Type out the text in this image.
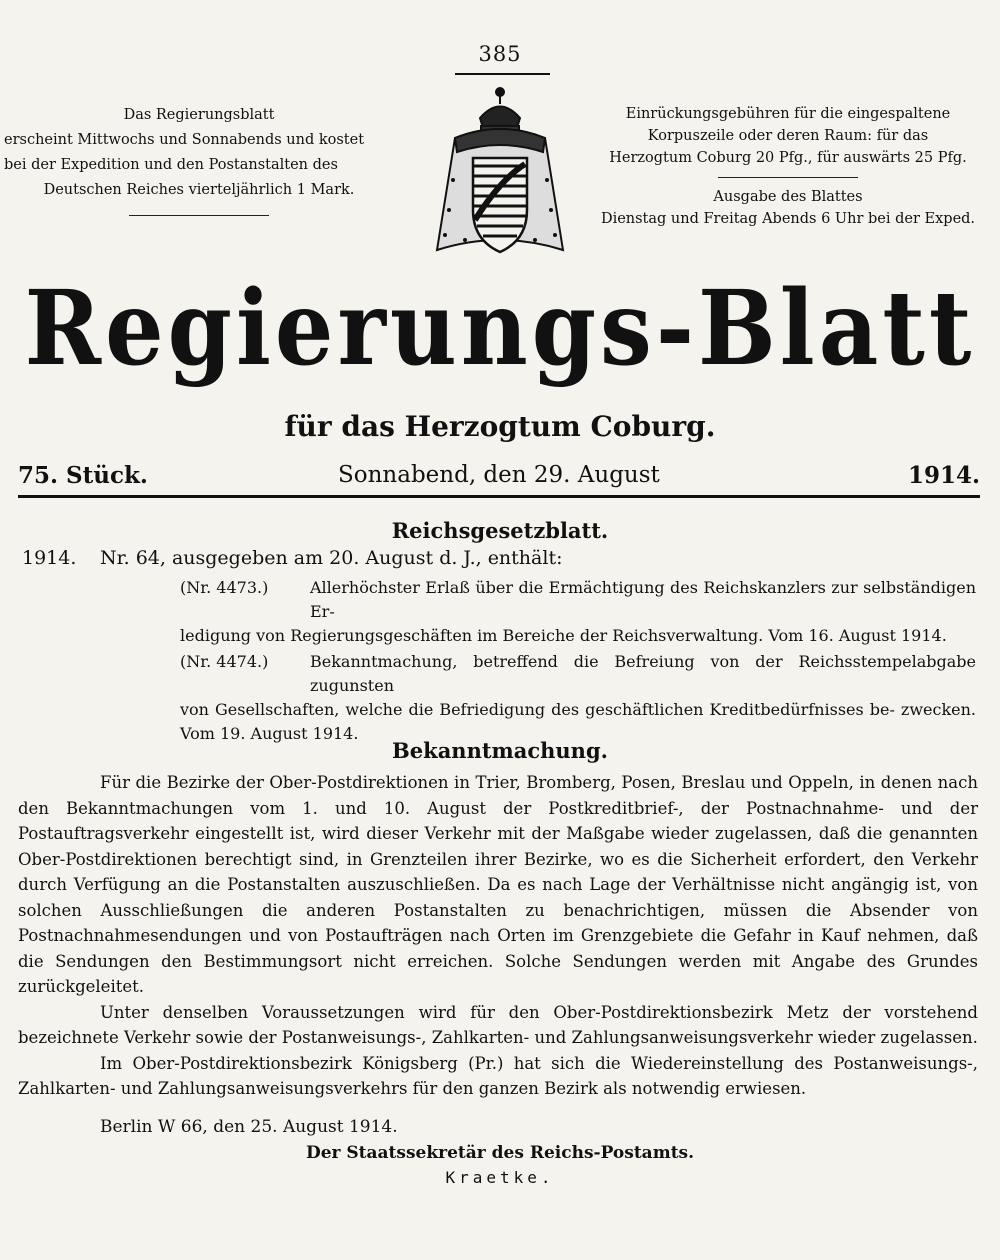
385
Das Regierungsblatt
erscheint Mittwochs und Sonnabends und kostet
bei der Expedition und den Postanstalten des
Deutschen Reiches vierteljährlich 1 Mark.
Einrückungsgebühren für die eingespaltene
Korpuszeile oder deren Raum: für das
Herzogtum Coburg 20 Pfg., für auswärts 25 Pfg.
Ausgabe des Blattes
Dienstag und Freitag Abends 6 Uhr bei der Exped.
Regierungs-Blatt
für das Herzogtum Coburg.
75. Stück.	Sonnabend, den 29. August	1914.
Reichsgesetzblatt.
1914. Nr. 64, ausgegeben am 20. August d. J., enthält:
(Nr. 4473.)	Allerhöchster Erlaß über die Ermächtigung des Reichskanzlers zur selbständigen Er-
ledigung von Regierungsgeschäften im Bereiche der Reichsverwaltung. Vom 16. August 1914.
(Nr. 4474.)	Bekanntmachung, betreffend die Befreiung von der Reichsstempelabgabe zugunsten
von Gesellschaften, welche die Befriedigung des geschäftlichen Kreditbedürfnisses be- zwecken. Vom 19. August 1914.
Bekanntmachung.

Für die Bezirke der Ober-Postdirektionen in Trier, Bromberg, Posen, Breslau und Oppeln, in denen nach den Bekanntmachungen vom 1. und 10. August der Postkreditbrief-, der Postnachnahme- und der Postauftragsverkehr eingestellt ist, wird dieser Verkehr mit der Maßgabe wieder zugelassen, daß die genannten Ober-Postdirektionen berechtigt sind, in Grenzteilen ihrer Bezirke, wo es die Sicherheit erfordert, den Verkehr durch Verfügung an die Postanstalten auszuschließen. Da es nach Lage der Verhältnisse nicht angängig ist, von solchen Ausschließungen die anderen Postanstalten zu benachrichtigen, müssen die Absender von Postnachnahmesendungen und von Postaufträgen nach Orten im Grenzgebiete die Gefahr in Kauf nehmen, daß die Sendungen den Bestimmungsort nicht erreichen. Solche Sendungen werden mit Angabe des Grundes zurückgeleitet.

Unter denselben Voraussetzungen wird für den Ober-Postdirektionsbezirk Metz der vorstehend bezeichnete Verkehr sowie der Postanweisungs-, Zahlkarten- und Zahlungsanweisungsverkehr wieder zugelassen.

Im Ober-Postdirektionsbezirk Königsberg (Pr.) hat sich die Wiedereinstellung des Postanweisungs-, Zahlkarten- und Zahlungsanweisungsverkehrs für den ganzen Bezirk als notwendig erwiesen.

Berlin W 66, den 25. August 1914.
Der Staatssekretär des Reichs-Postamts.
Kraetke.
